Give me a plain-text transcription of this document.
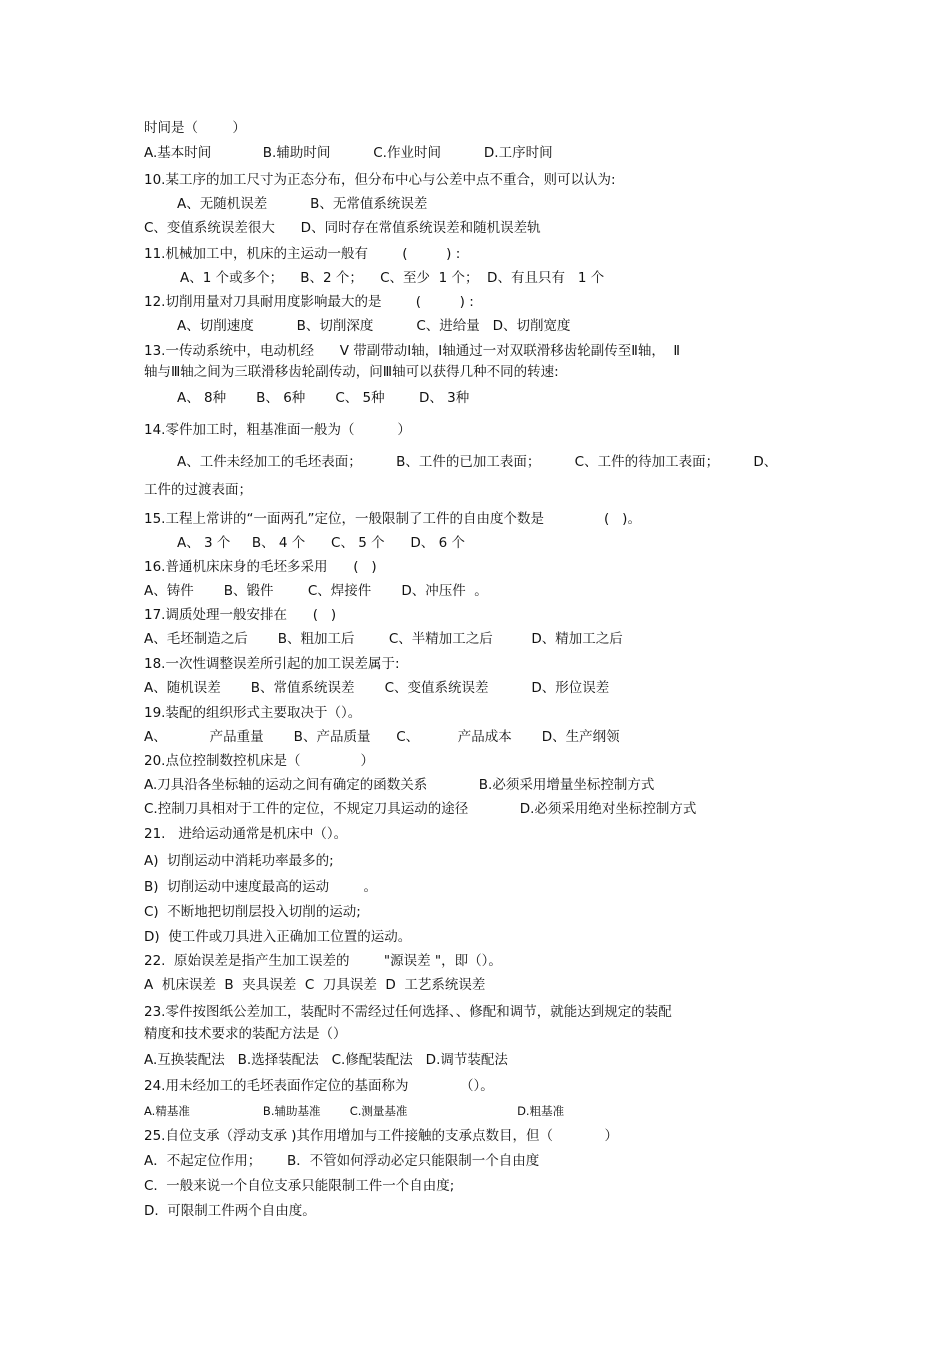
时间是（        ）
A.基本时间            B.辅助时间          C.作业时间          D.工序时间
10.某工序的加工尺寸为正态分布，但分布中心与公差中点不重合，则可以认为:
A、无随机误差          B、无常值系统误差
C、变值系统误差很大      D、同时存在常值系统误差和随机误差轨
11.机械加工中，机床的主运动一般有        (         ) :
A、1 个或多个；    B、2 个；    C、至少  1 个；  D、有且只有   1 个
12.切削用量对刀具耐用度影响最大的是        (         ) :
A、切削速度          B、切削深度          C、进给量   D、切削宽度
13.一传动系统中，电动机经      V 带副带动Ⅰ轴，Ⅰ轴通过一对双联滑移齿轮副传至Ⅱ轴，  Ⅱ
轴与Ⅲ轴之间为三联滑移齿轮副传动，问Ⅲ轴可以获得几种不同的转速:
A、 8种       B、 6种       C、 5种        D、 3种
14.零件加工时，粗基准面一般为（          ）
A、工件未经加工的毛坯表面；        B、工件的已加工表面；        C、工件的待加工表面；        D、
工件的过渡表面；
15.工程上常讲的“一面两孔”定位，一般限制了工件的自由度个数是              (   )。
A、 3 个     B、 4 个      C、 5 个      D、 6 个
16.普通机床床身的毛坯多采用      (   )
A、铸件       B、锻件        C、焊接件       D、冲压件  。
17.调质处理一般安排在      (   )
A、毛坯制造之后       B、粗加工后        C、半精加工之后         D、精加工之后
18.一次性调整误差所引起的加工误差属于:
A、随机误差       B、常值系统误差       C、变值系统误差          D、形位误差
19.装配的组织形式主要取决于（）。
A、          产品重量       B、产品质量      C、         产品成本       D、生产纲领
20.点位控制数控机床是（              ）
A.刀具沿各坐标轴的运动之间有确定的函数关系            B.必须采用增量坐标控制方式
C.控制刀具相对于工件的定位，不规定刀具运动的途径            D.必须采用绝对坐标控制方式
21.   进给运动通常是机床中（）。
A)  切削运动中消耗功率最多的;
B)  切削运动中速度最高的运动        。
C)  不断地把切削层投入切削的运动;
D)  使工件或刀具进入正确加工位置的运动。
22.  原始误差是指产生加工误差的        "源误差 "，即（）。
A  机床误差  B  夹具误差  C  刀具误差  D  工艺系统误差
23.零件按图纸公差加工，装配时不需经过任何选择、、修配和调节，就能达到规定的装配
精度和技术要求的装配方法是（）
A.互换装配法   B.选择装配法   C.修配装配法   D.调节装配法
24.用未经加工的毛坯表面作定位的基面称为            （）。
A.精基准                    B.辅助基准        C.测量基准                              D.粗基准
25.自位支承（浮动支承 )其作用增加与工件接触的支承点数目，但（            ）
A．不起定位作用；      B．不管如何浮动必定只能限制一个自由度
C.  一般来说一个自位支承只能限制工件一个自由度;
D.  可限制工件两个自由度。
